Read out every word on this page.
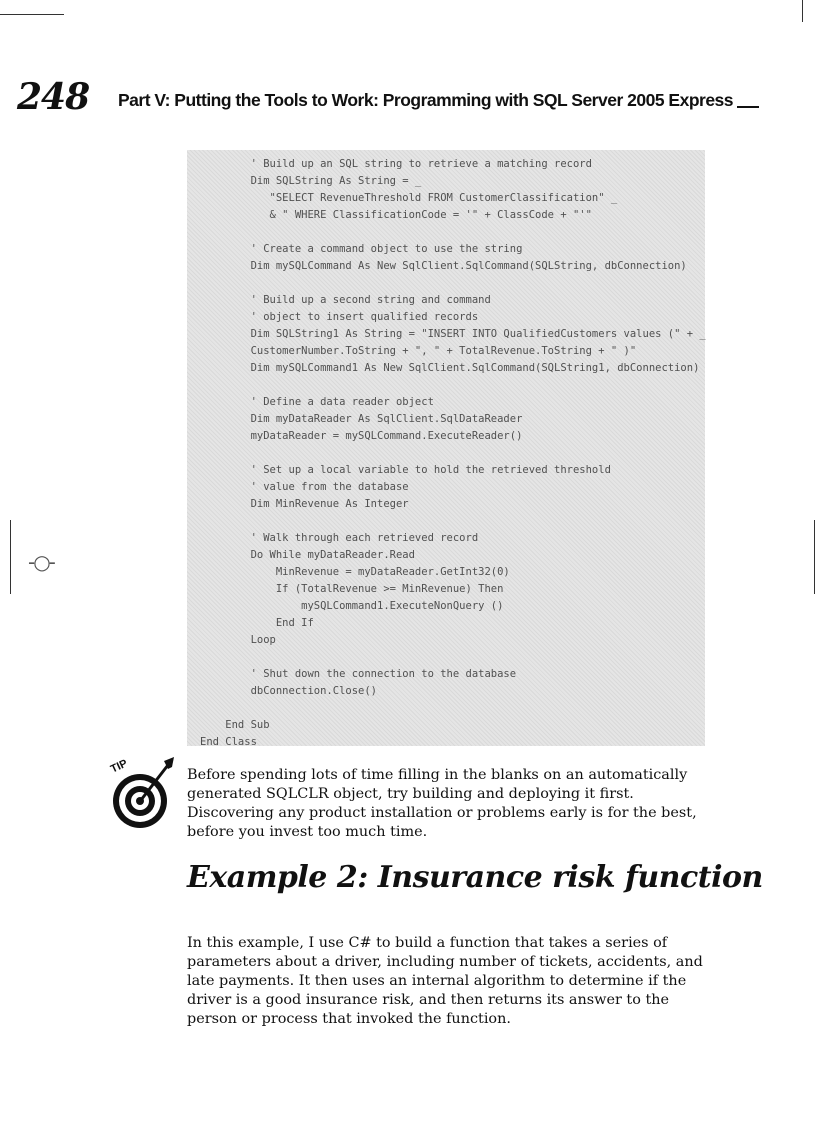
-○-
248 Part V: Putting the Tools to Work: Programming with SQL Server 2005 Express
' Build up an SQL string to retrieve a matching record
Dim SQLString As String = _
"SELECT RevenueThreshold FROM CustomerClassification" _
& " WHERE ClassificationCode = '" + ClassCode + "'"

' Create a command object to use the string
Dim mySQLCommand As New SqlClient.SqlCommand(SQLString, dbConnection)

' Build up a second string and command
' object to insert qualified records
Dim SQLString1 As String = "INSERT INTO QualifiedCustomers values (" + _
CustomerNumber.ToString + ", " + TotalRevenue.ToString + " )"
Dim mySQLCommand1 As New SqlClient.SqlCommand(SQLString1, dbConnection)

' Define a data reader object
Dim myDataReader As SqlClient.SqlDataReader
myDataReader = mySQLCommand.ExecuteReader()

' Set up a local variable to hold the retrieved threshold
' value from the database
Dim MinRevenue As Integer

' Walk through each retrieved record
Do While myDataReader.Read
MinRevenue = myDataReader.GetInt32(0)
If (TotalRevenue >= MinRevenue) Then
mySQLCommand1.ExecuteNonQuery ()
End If
Loop

' Shut down the connection to the database
dbConnection.Close()

End Sub
End Class

TIP	Before spending lots of time filling in the blanks on an automatically generated SQLCLR object, try building and deploying it first. Discovering any product installation or problems early is for the best, before you invest too much time.

Example 2: Insurance risk function

In this example, I use C# to build a function that takes a series of parameters about a driver, including number of tickets, accidents, and late payments. It then uses an internal algorithm to determine if the driver is a good insurance risk, and then returns its answer to the person or process that invoked the function.
